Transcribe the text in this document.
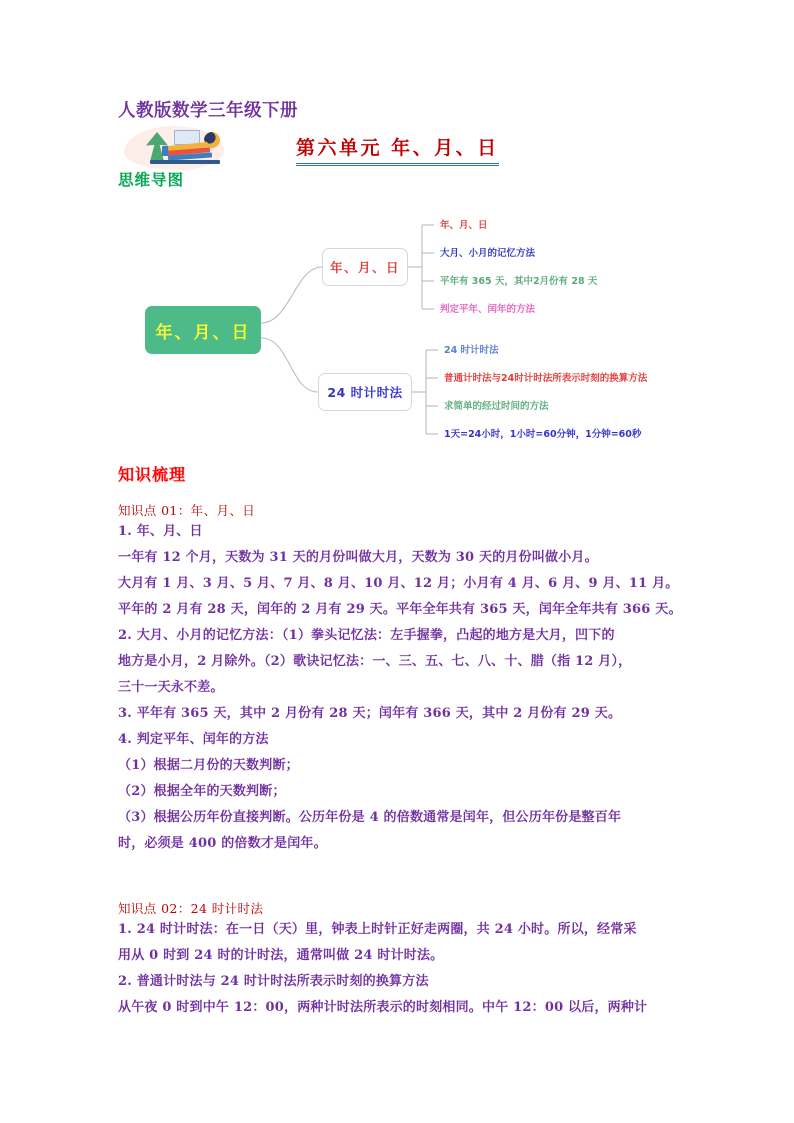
人教版数学三年级下册
第六单元 年、月、日
思维导图
年、月、日
年、月、日
24 时计时法
年、月、日
大月、小月的记忆方法
平年有 365 天，其中2月份有 28 天
判定平年、闰年的方法
24 时计时法
普通计时法与24时计时法所表示时刻的换算方法
求简单的经过时间的方法
1天=24小时，1小时=60分钟，1分钟=60秒
知识梳理
知识点 01：年、月、日

1. 年、月、日

一年有 12 个月，天数为 31 天的月份叫做大月，天数为 30 天的月份叫做小月。

大月有 1 月、3 月、5 月、7 月、8 月、10 月、12 月；小月有 4 月、6 月、9 月、11 月。

平年的 2 月有 28 天，闰年的 2 月有 29 天。平年全年共有 365 天，闰年全年共有 366 天。

2. 大月、小月的记忆方法：（1）拳头记忆法：左手握拳，凸起的地方是大月，凹下的

地方是小月，2 月除外。（2）歌诀记忆法：一、三、五、七、八、十、腊（指 12 月），

三十一天永不差。

3. 平年有 365 天，其中 2 月份有 28 天；闰年有 366 天，其中 2 月份有 29 天。

4. 判定平年、闰年的方法

（1）根据二月份的天数判断；

（2）根据全年的天数判断；

（3）根据公历年份直接判断。公历年份是 4 的倍数通常是闰年，但公历年份是整百年

时，必须是 400 的倍数才是闰年。

知识点 02：24 时计时法

1. 24 时计时法：在一日（天）里，钟表上时针正好走两圈，共 24 小时。所以，经常采

用从 0 时到 24 时的计时法，通常叫做 24 时计时法。

2. 普通计时法与 24 时计时法所表示时刻的换算方法

从午夜 0 时到中午 12：00，两种计时法所表示的时刻相同。中午 12：00 以后，两种计
